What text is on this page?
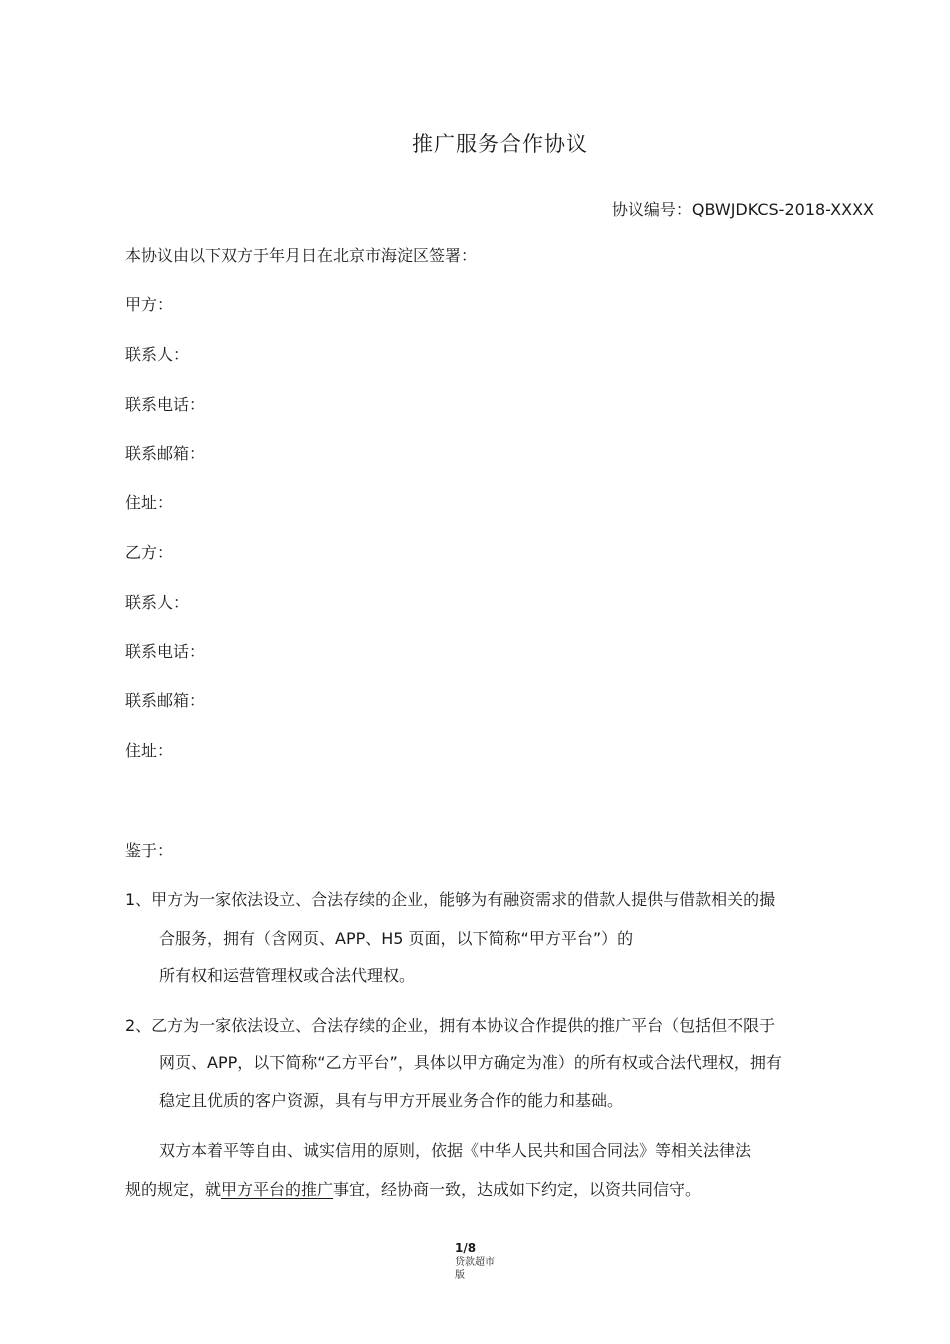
推广服务合作协议
协议编号：QBWJDKCS-2018-XXXX
本协议由以下双方于年月日在北京市海淀区签署：
甲方：
联系人：
联系电话：
联系邮箱：
住址：
乙方：
联系人：
联系电话：
联系邮箱：
住址：
鉴于：
1、甲方为一家依法设立、合法存续的企业，能够为有融资需求的借款人提供与借款相关的撮
合服务，拥有（含网页、APP、H5 页面，以下简称“甲方平台”）的
所有权和运营管理权或合法代理权。
2、乙方为一家依法设立、合法存续的企业，拥有本协议合作提供的推广平台（包括但不限于
网页、APP，以下简称“乙方平台”，具体以甲方确定为准）的所有权或合法代理权，拥有
稳定且优质的客户资源，具有与甲方开展业务合作的能力和基础。
双方本着平等自由、诚实信用的原则，依据《中华人民共和国合同法》等相关法律法
规的规定，就甲方平台的推广事宜，经协商一致，达成如下约定，以资共同信守。
1/8
贷款超市
版
